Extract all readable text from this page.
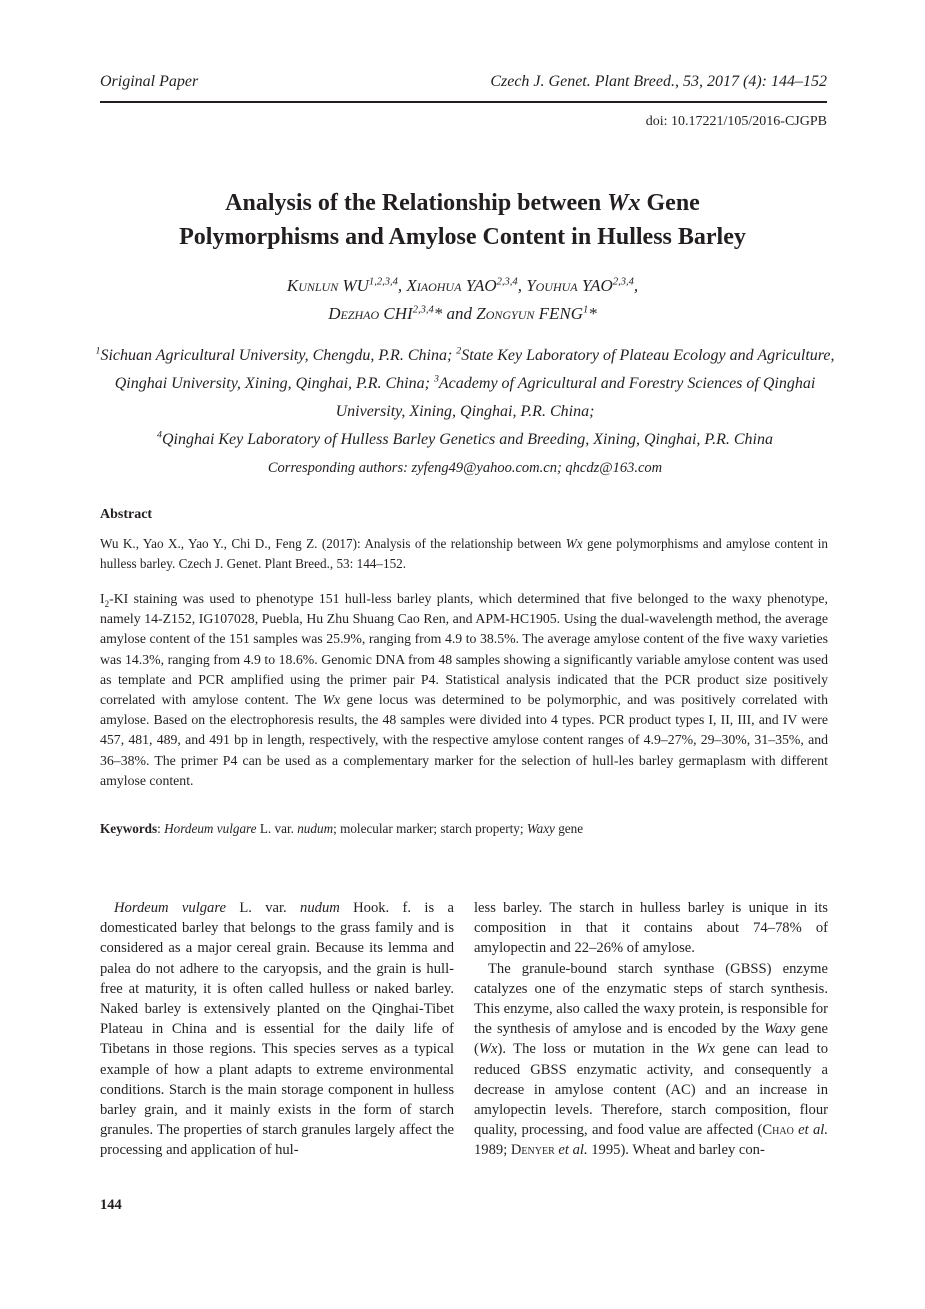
Original Paper	Czech J. Genet. Plant Breed., 53, 2017 (4): 144–152
doi: 10.17221/105/2016-CJGPB
Analysis of the Relationship between Wx Gene
Polymorphisms and Amylose Content in Hulless Barley
Kunlun WU$^{1,2,3,4}$, Xiaohua YAO$^{2,3,4}$, Youhua YAO$^{2,3,4}$,
Dezhao CHI$^{2,3,4}$* and Zongyun FENG$^1$*
$^1$Sichuan Agricultural University, Chengdu, P.R. China; $^2$State Key Laboratory of Plateau Ecology and Agriculture, Qinghai University, Xining, Qinghai, P.R. China; $^3$Academy of Agricultural and Forestry Sciences of Qinghai University, Xining, Qinghai, P.R. China;
$^4$Qinghai Key Laboratory of Hulless Barley Genetics and Breeding, Xining, Qinghai, P.R. China
Corresponding authors: zyfeng49@yahoo.com.cn; qhcdz@163.com
Abstract
Wu K., Yao X., Yao Y., Chi D., Feng Z. (2017): Analysis of the relationship between Wx gene polymorphisms and amylose content in hulless barley. Czech J. Genet. Plant Breed., 53: 144–152.
$I_2-KI$ staining was used to phenotype 151 hull-less barley plants, which determined that five belonged to the waxy phenotype, namely 14-Z152, IG107028, Puebla, Hu Zhu Shuang Cao Ren, and APM-HC1905. Using the dual-wavelength method, the average amylose content of the 151 samples was 25.9%, ranging from 4.9 to 38.5%. The average amylose content of the five waxy varieties was 14.3%, ranging from 4.9 to 18.6%. Genomic DNA from 48 samples showing a significantly variable amylose content was used as template and PCR amplified using the primer pair P4. Statistical analysis indicated that the PCR product size positively correlated with amylose content. The Wx gene locus was determined to be polymorphic, and was positively correlated with amylose. Based on the electrophoresis results, the 48 samples were divided into 4 types. PCR product types I, II, III, and IV were 457, 481, 489, and 491 bp in length, respectively, with the respective amylose content ranges of 4.9–27%, 29–30%, 31–35%, and 36–38%. The primer P4 can be used as a complementary marker for the selection of hull-les barley germaplasm with different amylose content.
Keywords: Hordeum vulgare L. var. nudum; molecular marker; starch property; Waxy gene

Hordeum vulgare L. var. nudum Hook. f. is a domesticated barley that belongs to the grass family and is considered as a major cereal grain. Because its lemma and palea do not adhere to the caryopsis, and the grain is hull-free at maturity, it is often called hulless or naked barley. Naked barley is extensively planted on the Qinghai-Tibet Plateau in China and is essential for the daily life of Tibetans in those regions. This species serves as a typical example of how a plant adapts to extreme environmental conditions. Starch is the main storage component in hulless barley grain, and it mainly exists in the form of starch granules. The properties of starch granules largely affect the processing and application of hul-

less barley. The starch in hulless barley is unique in its composition in that it contains about 74–78% of amylopectin and 22–26% of amylose.

The granule-bound starch synthase (GBSS) enzyme catalyzes one of the enzymatic steps of starch synthesis. This enzyme, also called the waxy protein, is responsible for the synthesis of amylose and is encoded by the Waxy gene (Wx). The loss or mutation in the Wx gene can lead to reduced GBSS enzymatic activity, and consequently a decrease in amylose content (AC) and an increase in amylopectin levels. Therefore, starch composition, flour quality, processing, and food value are affected (Chao et al. 1989; Denyer et al. 1995). Wheat and barley con-

144
